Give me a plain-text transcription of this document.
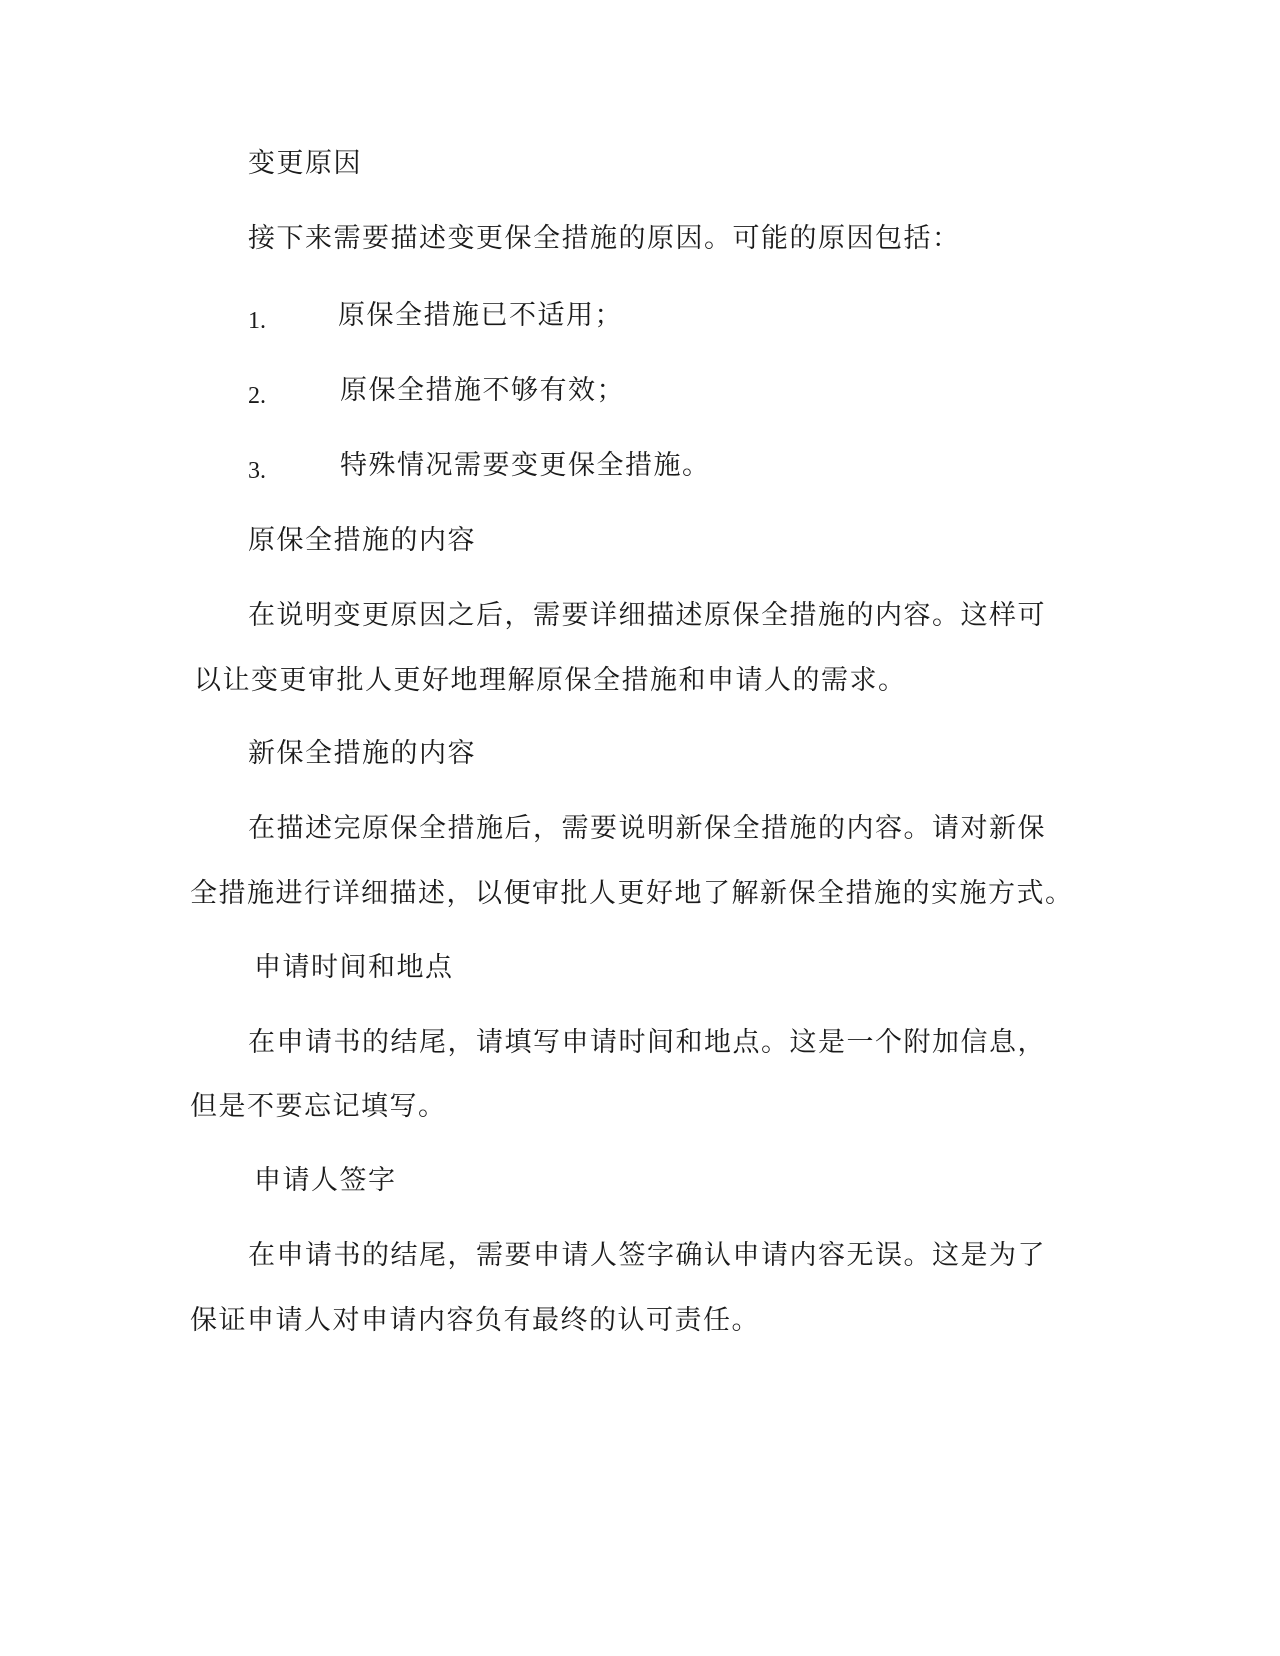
变更原因
接下来需要描述变更保全措施的原因。可能的原因包括：
1.	原保全措施已不适用；
2.	原保全措施不够有效；
3.	特殊情况需要变更保全措施。
原保全措施的内容
在说明变更原因之后，需要详细描述原保全措施的内容。这样可
以让变更审批人更好地理解原保全措施和申请人的需求。
新保全措施的内容
在描述完原保全措施后，需要说明新保全措施的内容。请对新保
全措施进行详细描述，以便审批人更好地了解新保全措施的实施方式。
申请时间和地点
在申请书的结尾，请填写申请时间和地点。这是一个附加信息，
但是不要忘记填写。
申请人签字
在申请书的结尾，需要申请人签字确认申请内容无误。这是为了
保证申请人对申请内容负有最终的认可责任。
